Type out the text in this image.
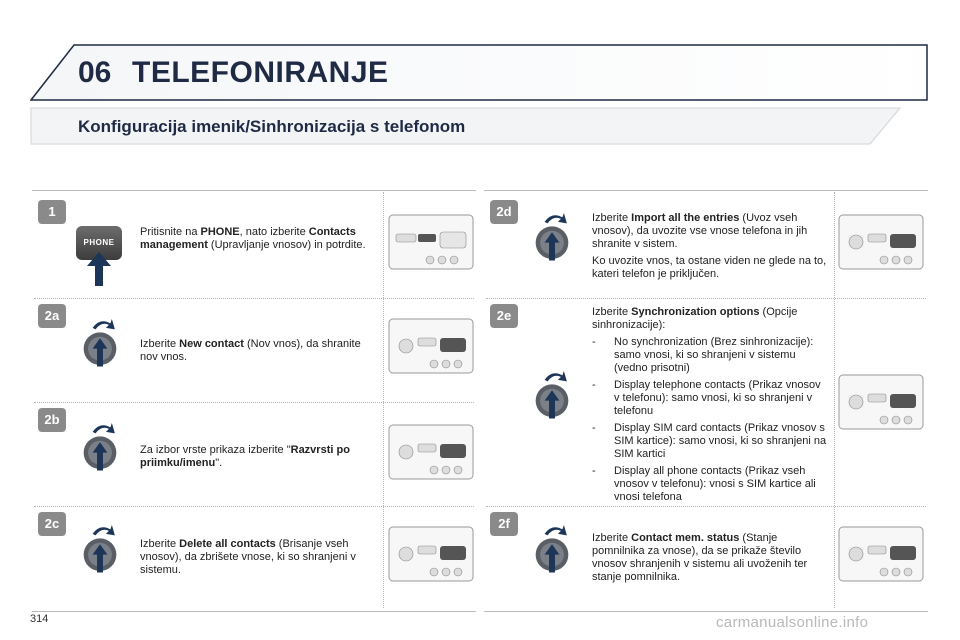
06 TELEFONIRANJE
Konfiguracija imenik/Sinhronizacija s telefonom
1
PHONE
Pritisnite na PHONE, nato izberite Contacts management (Upravljanje vnosov) in potrdite.
2a
Izberite New contact (Nov vnos), da shranite nov vnos.
2b
Za izbor vrste prikaza izberite "Razvrsti po priimku/imenu".
2c
Izberite Delete all contacts (Brisanje vseh vnosov), da zbrišete vnose, ki so shranjeni v sistemu.
2d	Izberite Import all the entries (Uvoz vseh vnosov), da uvozite vse vnose telefona in jih shranite v sistem.
Ko uvozite vnos, ta ostane viden ne glede na to, kateri telefon je priključen.
2e	Izberite Synchronization options (Opcije sinhronizacije):
- No synchronization (Brez sinhronizacije): samo vnosi, ki so shranjeni v sistemu (vedno prisotni)
- Display telephone contacts (Prikaz vnosov v telefonu): samo vnosi, ki so shranjeni v telefonu
- Display SIM card contacts (Prikaz vnosov s SIM kartice): samo vnosi, ki so shranjeni na SIM kartici
- Display all phone contacts (Prikaz vseh vnosov v telefonu): vnosi s SIM kartice ali vnosi telefona
2f
Izberite Contact mem. status (Stanje pomnilnika za vnose), da se prikaže število vnosov shranjenih v sistemu ali uvoženih ter stanje pomnilnika.
314	carmanualsonline.info
